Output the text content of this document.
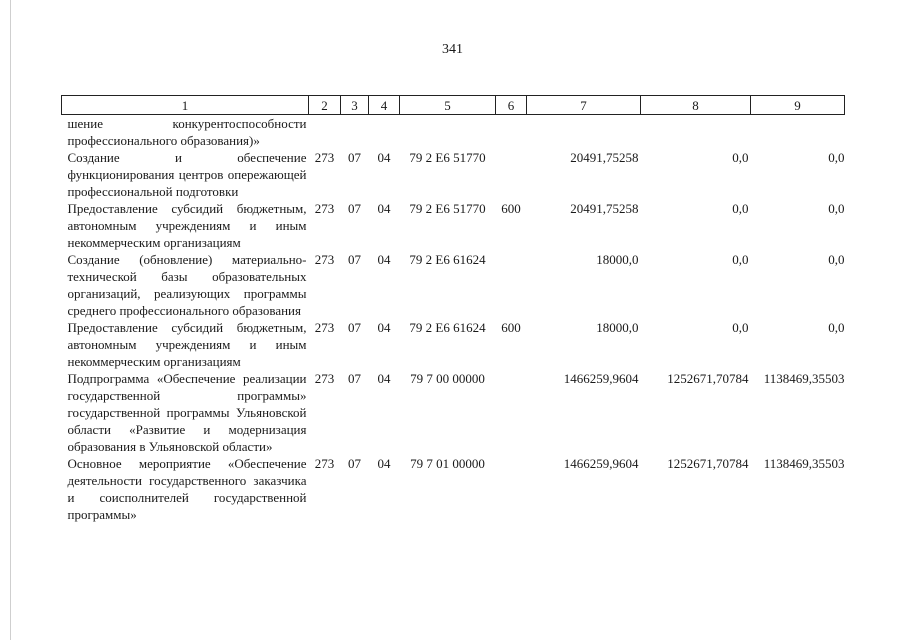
341
1	2	3	4	5	6	7	8	9
шение конкурентоспособности профессионального образования)»								
Создание и обеспечение функционирования центров опережающей профессиональной подготовки	273	07	04	79 2 E6 51770		20491,75258	0,0	0,0
Предоставление субсидий бюджетным, автономным учреждениям и иным некоммерческим организациям	273	07	04	79 2 E6 51770	600	20491,75258	0,0	0,0
Создание (обновление) материально-технической базы образовательных организаций, реализующих программы среднего профессионального образования	273	07	04	79 2 E6 61624		18000,0	0,0	0,0
Предоставление субсидий бюджетным, автономным учреждениям и иным некоммерческим организациям	273	07	04	79 2 E6 61624	600	18000,0	0,0	0,0
Подпрограмма «Обеспечение реализации государственной программы» государственной программы Ульяновской области «Развитие и модернизация образования в Ульяновской области»	273	07	04	79 7 00 00000		1466259,9604	1252671,70784	1138469,35503
Основное мероприятие «Обеспечение деятельности государственного заказчика и соисполнителей государственной программы»	273	07	04	79 7 01 00000		1466259,9604	1252671,70784	1138469,35503
